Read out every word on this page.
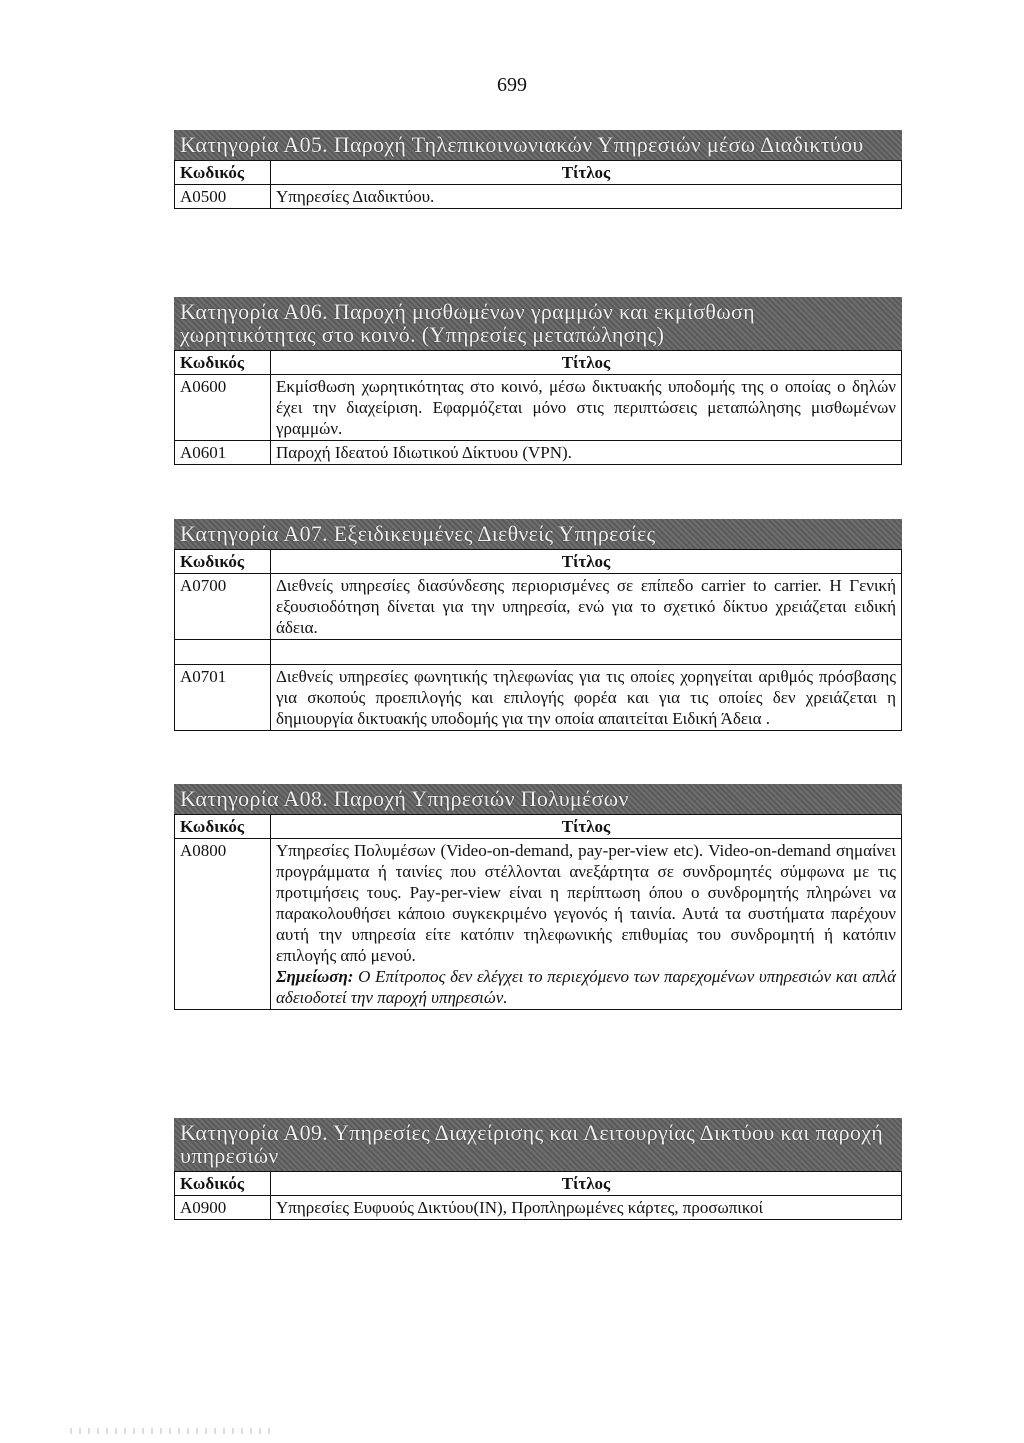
699
Κατηγορία Α05. Παροχή Τηλεπικοινωνιακών Υπηρεσιών μέσω Διαδικτύου
Κωδικός	Τίτλος
Α0500	Υπηρεσίες Διαδικτύου.
Κατηγορία Α06. Παροχή μισθωμένων γραμμών και εκμίσθωση χωρητικότητας στο κοινό. (Υπηρεσίες μεταπώλησης)
Κωδικός	Τίτλος
Α0600	Εκμίσθωση χωρητικότητας στο κοινό, μέσω δικτυακής υποδομής της ο οποίας ο δηλών έχει την διαχείριση. Εφαρμόζεται μόνο στις περιπτώσεις μεταπώλησης μισθωμένων γραμμών.
Α0601	Παροχή Ιδεατού Ιδιωτικού Δίκτυου (VPN).
Κατηγορία Α07. Εξειδικευμένες Διεθνείς Υπηρεσίες
Κωδικός	Τίτλος
Α0700	Διεθνείς υπηρεσίες διασύνδεσης περιορισμένες σε επίπεδο carrier to carrier. Η Γενική εξουσιοδότηση δίνεται για την υπηρεσία, ενώ για το σχετικό δίκτυο χρειάζεται ειδική άδεια.

Α0701	Διεθνείς υπηρεσίες φωνητικής τηλεφωνίας για τις οποίες χορηγείται αριθμός πρόσβασης για σκοπούς προεπιλογής και επιλογής φορέα και για τις οποίες δεν χρειάζεται η δημιουργία δικτυακής υποδομής για την οποία απαιτείται Ειδική Άδεια .
Κατηγορία Α08. Παροχή Υπηρεσιών Πολυμέσων
Κωδικός	Τίτλος
Α0800	Υπηρεσίες Πολυμέσων (Video-on-demand, pay-per-view etc). Video-on-demand σημαίνει προγράμματα ή ταινίες που στέλλονται ανεξάρτητα σε συνδρομητές σύμφωνα με τις προτιμήσεις τους. Pay-per-view είναι η περίπτωση όπου ο συνδρομητής πληρώνει να παρακολουθήσει κάποιο συγκεκριμένο γεγονός ή ταινία. Αυτά τα συστήματα παρέχουν αυτή την υπηρεσία είτε κατόπιν τηλεφωνικής επιθυμίας του συνδρομητή ή κατόπιν επιλογής από μενού.
Σημείωση: Ο Επίτροπος δεν ελέγχει το περιεχόμενο των παρεχομένων υπηρεσιών και απλά αδειοδοτεί την παροχή υπηρεσιών.
Κατηγορία Α09. Υπηρεσίες Διαχείρισης και Λειτουργίας Δικτύου και παροχή υπηρεσιών
Κωδικός	Τίτλος
Α0900	Υπηρεσίες Ευφυούς Δικτύου(ΙΝ), Προπληρωμένες κάρτες, προσωπικοί
